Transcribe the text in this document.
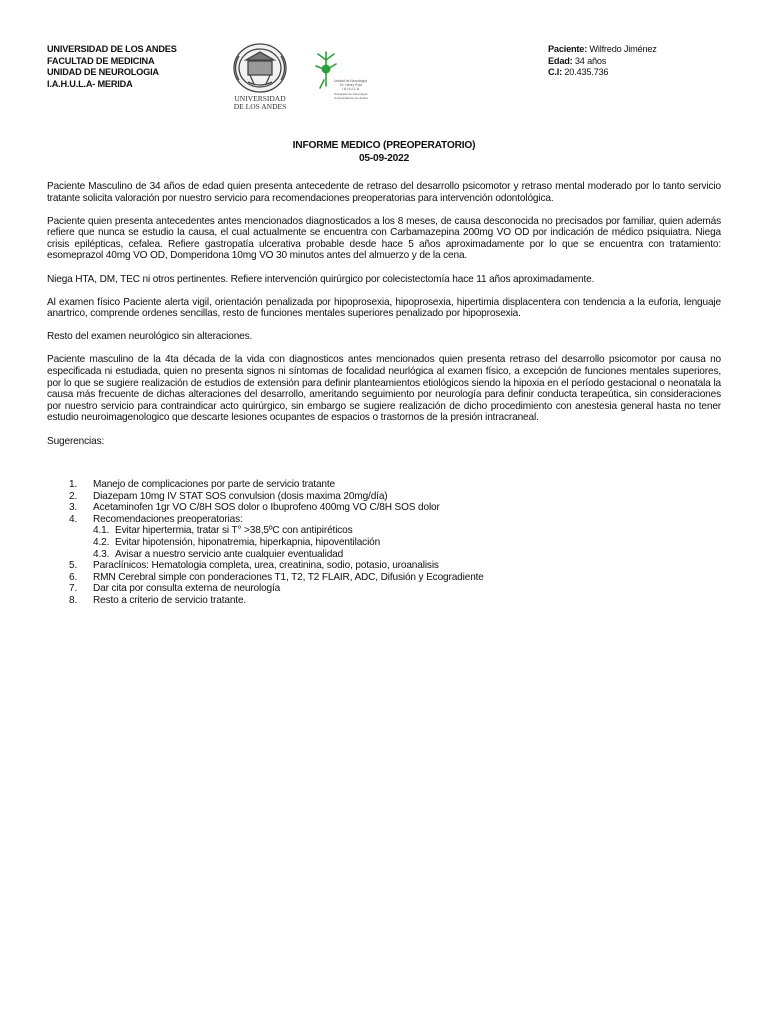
UNIVERSIDAD DE LOS ANDES
FACULTAD DE MEDICINA
UNIDAD DE NEUROLOGIA
I.A.H.U.L.A- MERIDA
UNIVERSIDAD
DE LOS ANDES
Unidad de Neurología
Dr. Henry Ruiz
I.A.H.U.L.A
Postgrado de Neurología
Universidad de los Andes
Paciente: Wilfredo Jiménez
Edad: 34 años
C.I: 20.435.736
INFORME MEDICO (PREOPERATORIO)
05-09-2022

Paciente Masculino de 34 años de edad quien presenta antecedente de retraso del desarrollo psicomotor y retraso mental moderado por lo tanto servicio tratante solicita valoración por nuestro servicio para recomendaciones preoperatorias para intervención odontológica.

Paciente quien presenta antecedentes antes mencionados diagnosticados a los 8 meses, de causa desconocida no precisados por familiar, quien además refiere que nunca se estudio la causa, el cual actualmente se encuentra con Carbamazepina 200mg VO OD por indicación de médico psiquiatra. Niega crisis epilépticas, cefalea. Refiere gastropatía ulcerativa probable desde hace 5 años aproximadamente por lo que se encuentra con tratamiento: esomeprazol 40mg VO OD, Domperidona 10mg VO 30 minutos antes del almuerzo y de la cena.

Niega HTA, DM, TEC ni otros pertinentes. Refiere intervención quirúrgico por colecistectomía hace 11 años aproximadamente.

Al examen físico Paciente alerta vigil, orientación penalizada por hipoprosexia, hipoprosexia, hipertimia displacentera con tendencia a la euforia, lenguaje anartrico, comprende ordenes sencillas, resto de funciones mentales superiores penalizado por hipoprosexia.

Resto del examen neurológico sin alteraciones.

Paciente masculino de la 4ta década de la vida con diagnosticos antes mencionados quien presenta retraso del desarrollo psicomotor por causa no especificada ni estudiada, quien no presenta signos ni síntomas de focalidad neurlógica al examen físico, a excepción de funciones mentales superiores, por lo que se sugiere realización de estudios de extensión para definir planteamientos etiológicos siendo la hipoxia en el período gestacional o neonatala la causa más frecuente de dichas alteraciones del desarrollo, ameritando seguimiento por neurología para definir conducta terapeútica, sin consideraciones por nuestro servicio para contraindicar acto quirúrgico, sin embargo se sugiere realización de dicho procedimiento con anestesia general hasta no tener estudio neuroimagenologico que descarte lesiones ocupantes de espacios o trastornos de la presión intracraneal.

Sugerencias:

1.	Manejo de complicaciones por parte de servicio tratante
2.	Diazepam 10mg IV STAT SOS convulsion (dosis maxima 20mg/día)
3.	Acetaminofen 1gr VO C/8H SOS dolor o Ibuprofeno 400mg VO C/8H SOS dolor
4.	Recomendaciones preoperatorias:
4.1. Evitar hipertermia, tratar si T° >38,5ºC con antipiréticos
4.2. Evitar hipotensión, hiponatremia, hiperkapnia, hipoventilación
4.3. Avisar a nuestro servicio ante cualquier eventualidad
5.	Paraclínicos: Hematologia completa, urea, creatinina, sodio, potasio, uroanalisis
6.	RMN Cerebral simple con ponderaciones T1, T2, T2 FLAIR, ADC, Difusión y Ecogradiente
7.	Dar cita por consulta externa de neurología
8.	Resto a criterio de servicio tratante.
